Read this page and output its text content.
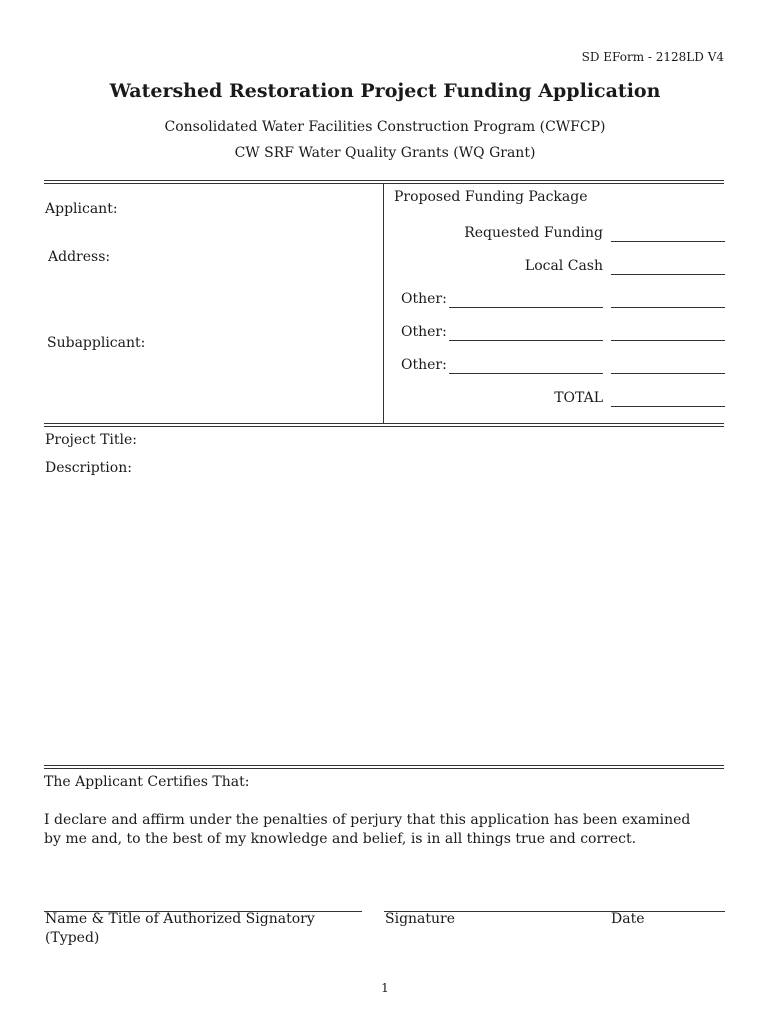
SD EForm - 2128LD V4
Watershed Restoration Project Funding Application
Consolidated Water Facilities Construction Program (CWFCP)
CW SRF Water Quality Grants (WQ Grant)
Applicant:
Address:
Subapplicant:
Proposed Funding Package
Requested Funding
Local Cash
Other:
Other:
Other:
TOTAL
Project Title:
Description:
The Applicant Certifies That:
I declare and affirm under the penalties of perjury that this application has been examined
by me and, to the best of my knowledge and belief, is in all things true and correct.
Name & Title of Authorized Signatory
(Typed)
Signature	Date
1
